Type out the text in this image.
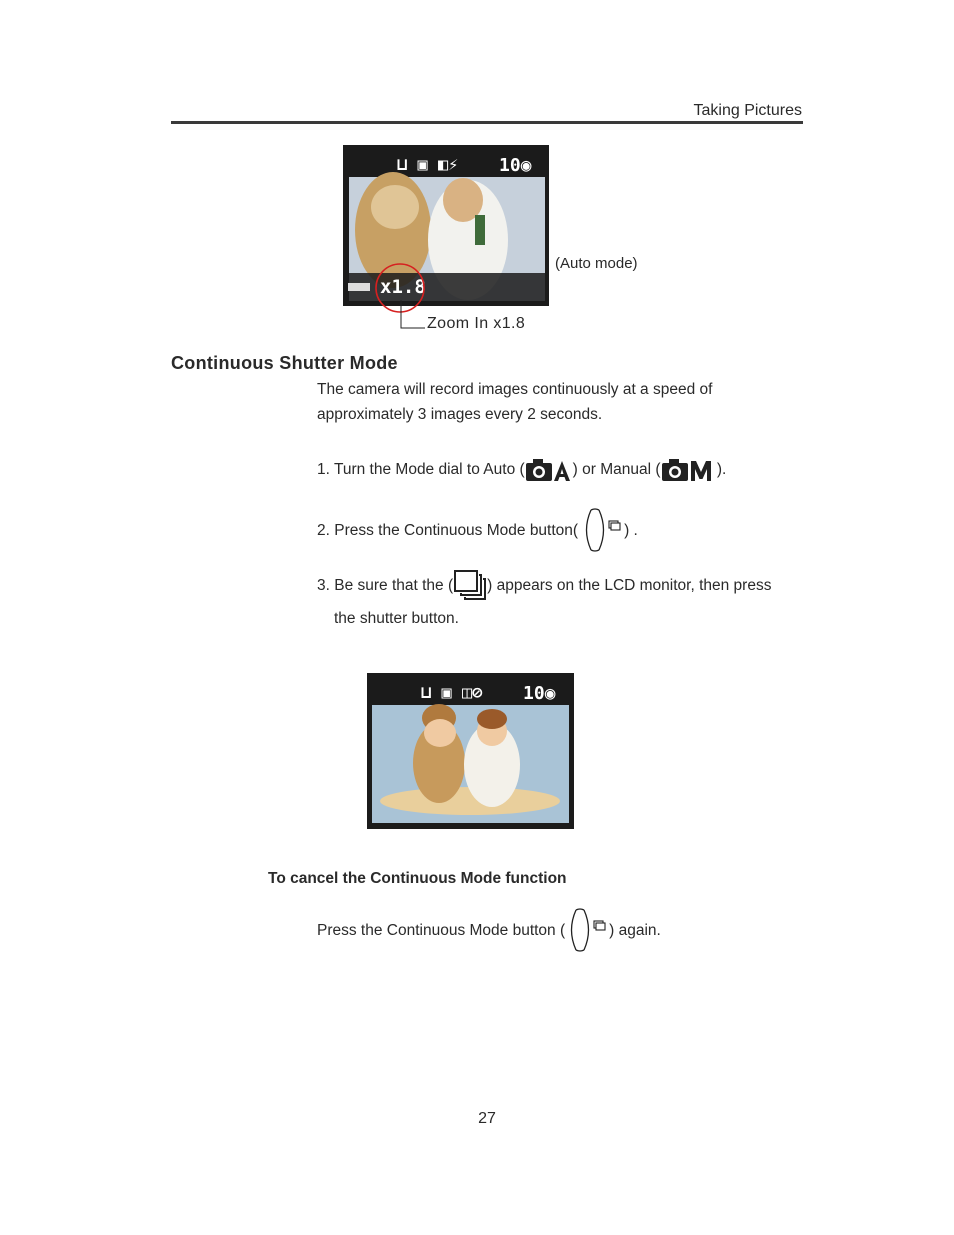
Taking Pictures
⊔ ▣ ◧⚡ 10◉
x1.8
Zoom In x1.8
(Auto mode)
Continuous Shutter Mode
The camera will record images continuously at a speed of
approximately 3 images every 2 seconds.
1. Turn the Mode dial to Auto (	) or Manual (	).
2. Press the Continuous Mode button(	) .
3. Be sure that the ( ) appears on the LCD monitor, then press
the shutter button.
⊔ ▣ ◫⊘ 10◉
To cancel the Continuous Mode function
Press the Continuous Mode button (	) again.
27
